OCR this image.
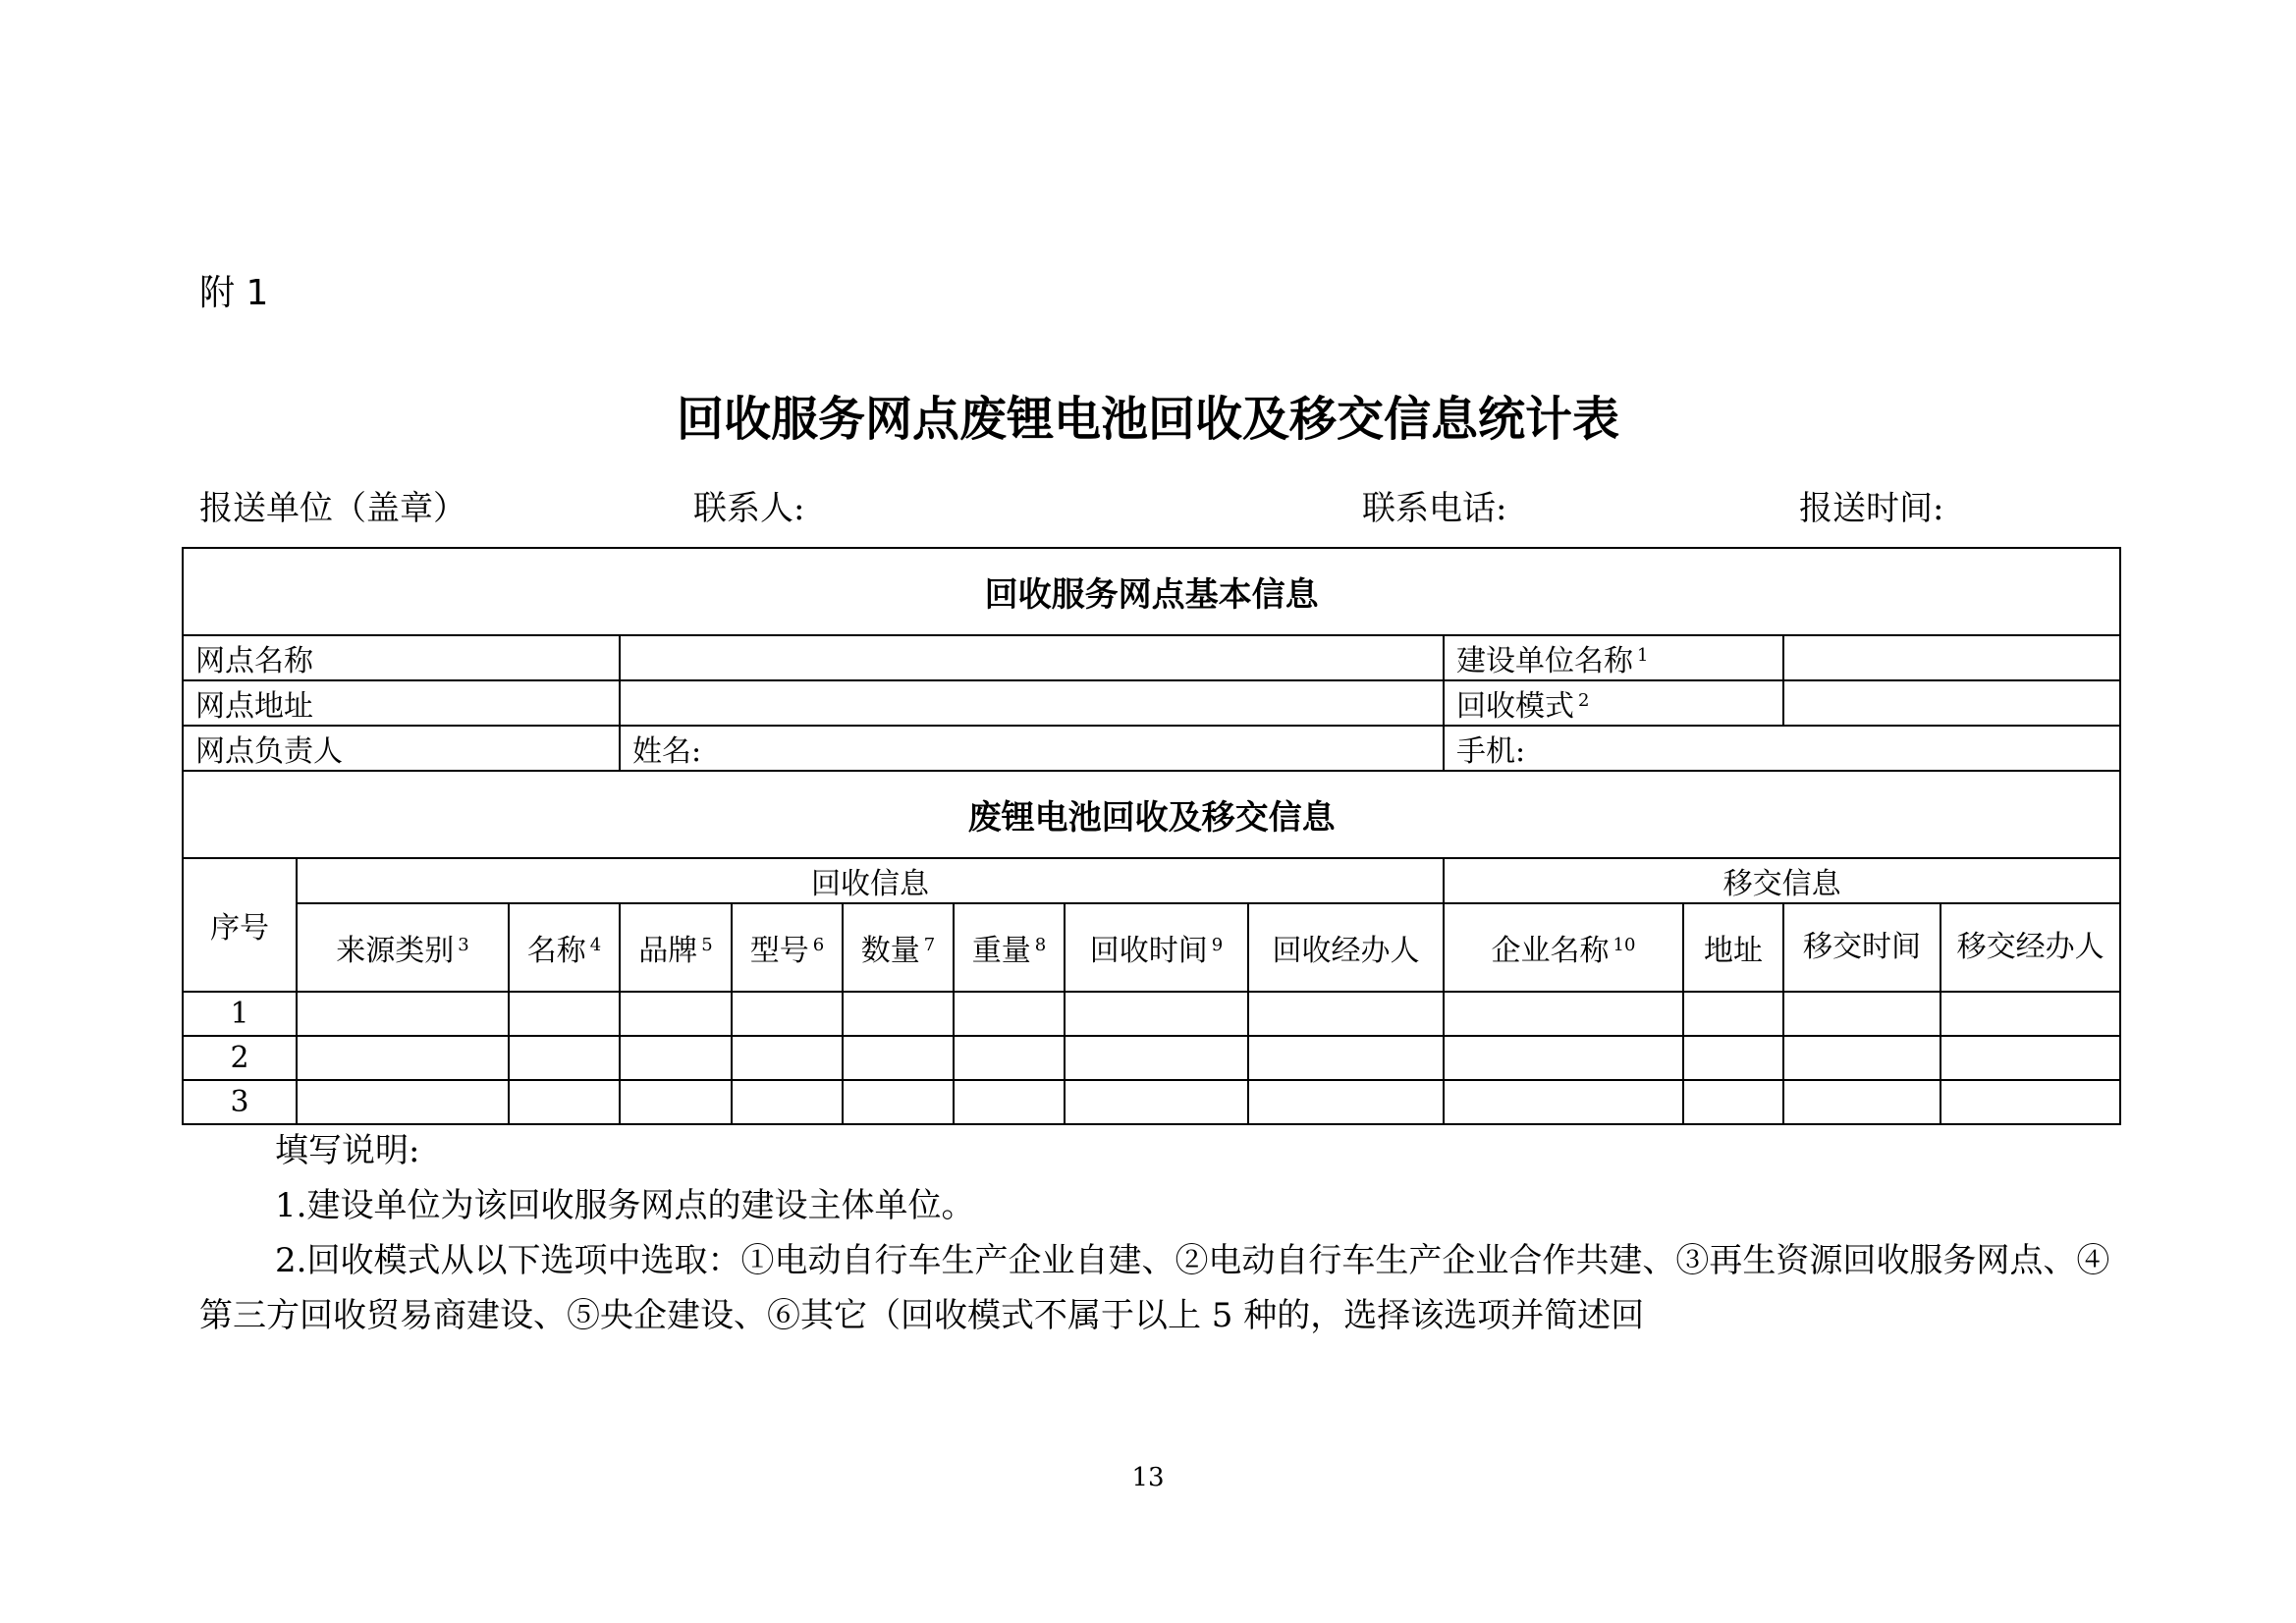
附 1
回收服务网点废锂电池回收及移交信息统计表
报送单位（盖章）	联系人:	联系电话:	报送时间:
回收服务网点基本信息												
网点名称									建设单位名称 $^1$	
网点地址									回收模式 $^2$	
网点负责人			姓名:						手机:			
废锂电池回收及移交信息												
序号	回收信息								移交信息			
	来源类别 $^3$	名称 $^4$	品牌 $^5$	型号 $^6$	数量 $^7$	重量 $^8$	回收时间 $^9$	回收经办人	企业名称 $^{10}$	地址	移交时间	移交经办人
1												
2												
3												

填写说明:

1.建设单位为该回收服务网点的建设主体单位。

2.回收模式从以下选项中选取：①电动自行车生产企业自建、②电动自行车生产企业合作共建、③再生资源回收服务网点、④第三方回收贸易商建设、⑤央企建设、⑥其它（回收模式不属于以上 5 种的，选择该选项并简述回

13
